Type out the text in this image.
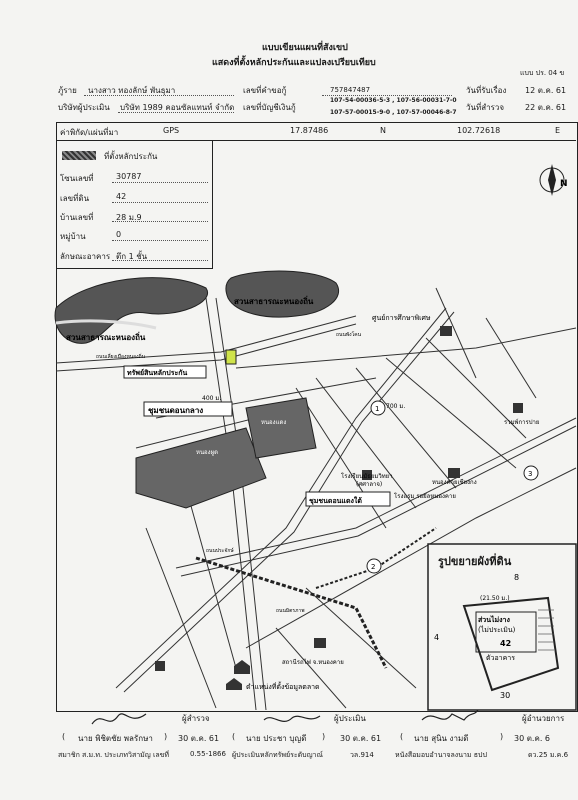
แบบเขียนแผนที่สังเขป
แสดงที่ตั้งหลักประกันและแปลงเปรียบเทียบ
แบบ ปร. 04 ข
ภู้ราย นางสาว ทองลักษ์ พันธุมา	เลขที่คำขอกู้	757847487	วันที่รับเรื่อง 12 ต.ค. 61
บริษัทผู้ประเมิน บริษัท 1989 คอนซัลแทนท์ จำกัด เลขที่บัญชีเงินกู้
107-54-00036-5-3 , 107-56-00031-7-0
107-57-00015-9-0 , 107-57-00046-8-7
วันที่สำรวจ	22 ต.ค. 61
ค่าพิกัด/แผ่นที่มา	GPS	17.87486	N	102.72618	E
ที่ตั้งหลักประกัน
โซนเลขที่	30787
เลขที่ดิน	42
บ้านเลขที่	28 ม.9
หมู่บ้าน	0
ลักษณะอาคาร ตึก 1 ชั้น
N
สวนสาธารณะหนองถิ่น
สวนสาธารณะหนองถิ่น
ทรัพย์สินหลักประกัน
ชุมชนดอนกลาง
ชุมชนดอนแดงใต้
หนองแดง
หนองผูด
ศูนย์การศึกษาพิเศษ
รวมพ์การปาย
โรงเรียนมัธยมวิทยา
(ศศาลาจ)
โรงแรม รอยัลหนองคาย
หนองคายเชียงกง
สถานีรถไฟ จ.หนองคาย
400 ม.
700 ม.
ถนนเลี่ยงเมืองหนองถิ่น
ถนนพังโคน
ถนนประจักษ์
ถนนมิตรภาพ
1
2
3
ตำแหน่งที่ตั้งข้อมูลตลาด
รูปขยายผังที่ดิน
8
4
30
(21.50 ม.)
ส่วนไม่งาง
(ไม่ประเมิน)
42
ตัวอาคาร
ผู้สำรวจ	ผู้ประเมิน	ผู้อำนวยการ
( นาย พิชิตชัย พลรักษา ) 30 ต.ค. 61 ( นาย ประชา บุญดี ) 30 ต.ค. 61 ( นาย สุนิน งามดี	) 30 ต.ค. 6
สมาชิก ส.ม.ท. ประเภทวิสามัญ เลขที่	0.55-1866 ผู้ประเมินหลักทรัพย์ระดับญาณ์	วล.914	หนังสือมอบอำนาจลงนาม ธปป	ดว.25 ม.ค.6
